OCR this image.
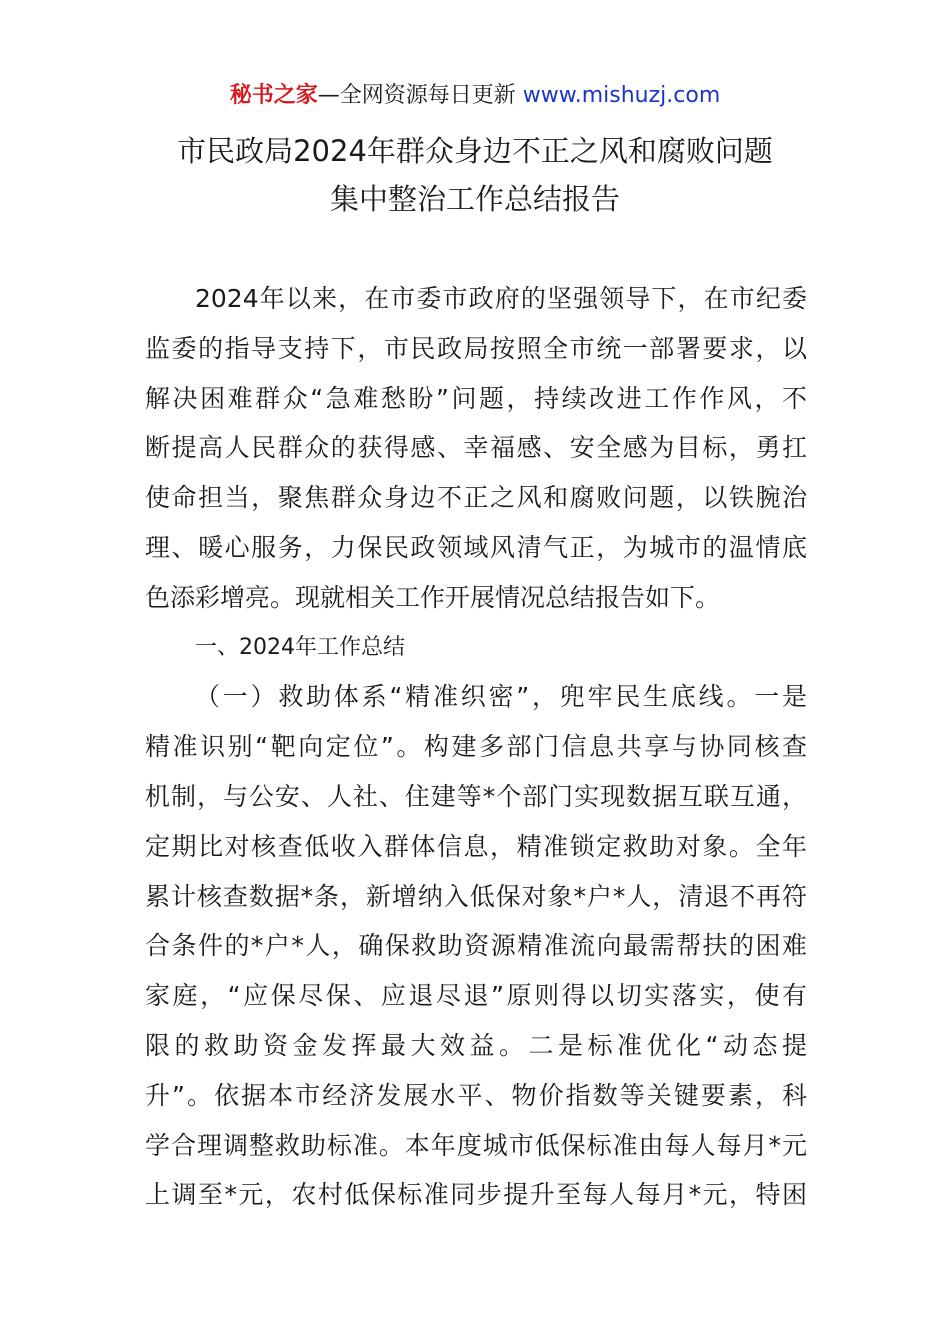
秘书之家—全网资源每日更新 www.mishuzj.com
市民政局2024年群众身边不正之风和腐败问题
集中整治工作总结报告
2024年以来，在市委市政府的坚强领导下，在市纪委
监委的指导支持下，市民政局按照全市统一部署要求，以
解决困难群众“急难愁盼”问题，持续改进工作作风，不
断提高人民群众的获得感、幸福感、安全感为目标，勇扛
使命担当，聚焦群众身边不正之风和腐败问题，以铁腕治
理、暖心服务，力保民政领域风清气正，为城市的温情底
色添彩增亮。现就相关工作开展情况总结报告如下。
一、2024年工作总结
（一）救助体系“精准织密”，兜牢民生底线。一是
精准识别“靶向定位”。构建多部门信息共享与协同核查
机制，与公安、人社、住建等*个部门实现数据互联互通，
定期比对核查低收入群体信息，精准锁定救助对象。全年
累计核查数据*条，新增纳入低保对象*户*人，清退不再符
合条件的*户*人，确保救助资源精准流向最需帮扶的困难
家庭，“应保尽保、应退尽退”原则得以切实落实，使有
限的救助资金发挥最大效益。二是标准优化“动态提
升”。依据本市经济发展水平、物价指数等关键要素，科
学合理调整救助标准。本年度城市低保标准由每人每月*元
上调至*元，农村低保标准同步提升至每人每月*元，特困
